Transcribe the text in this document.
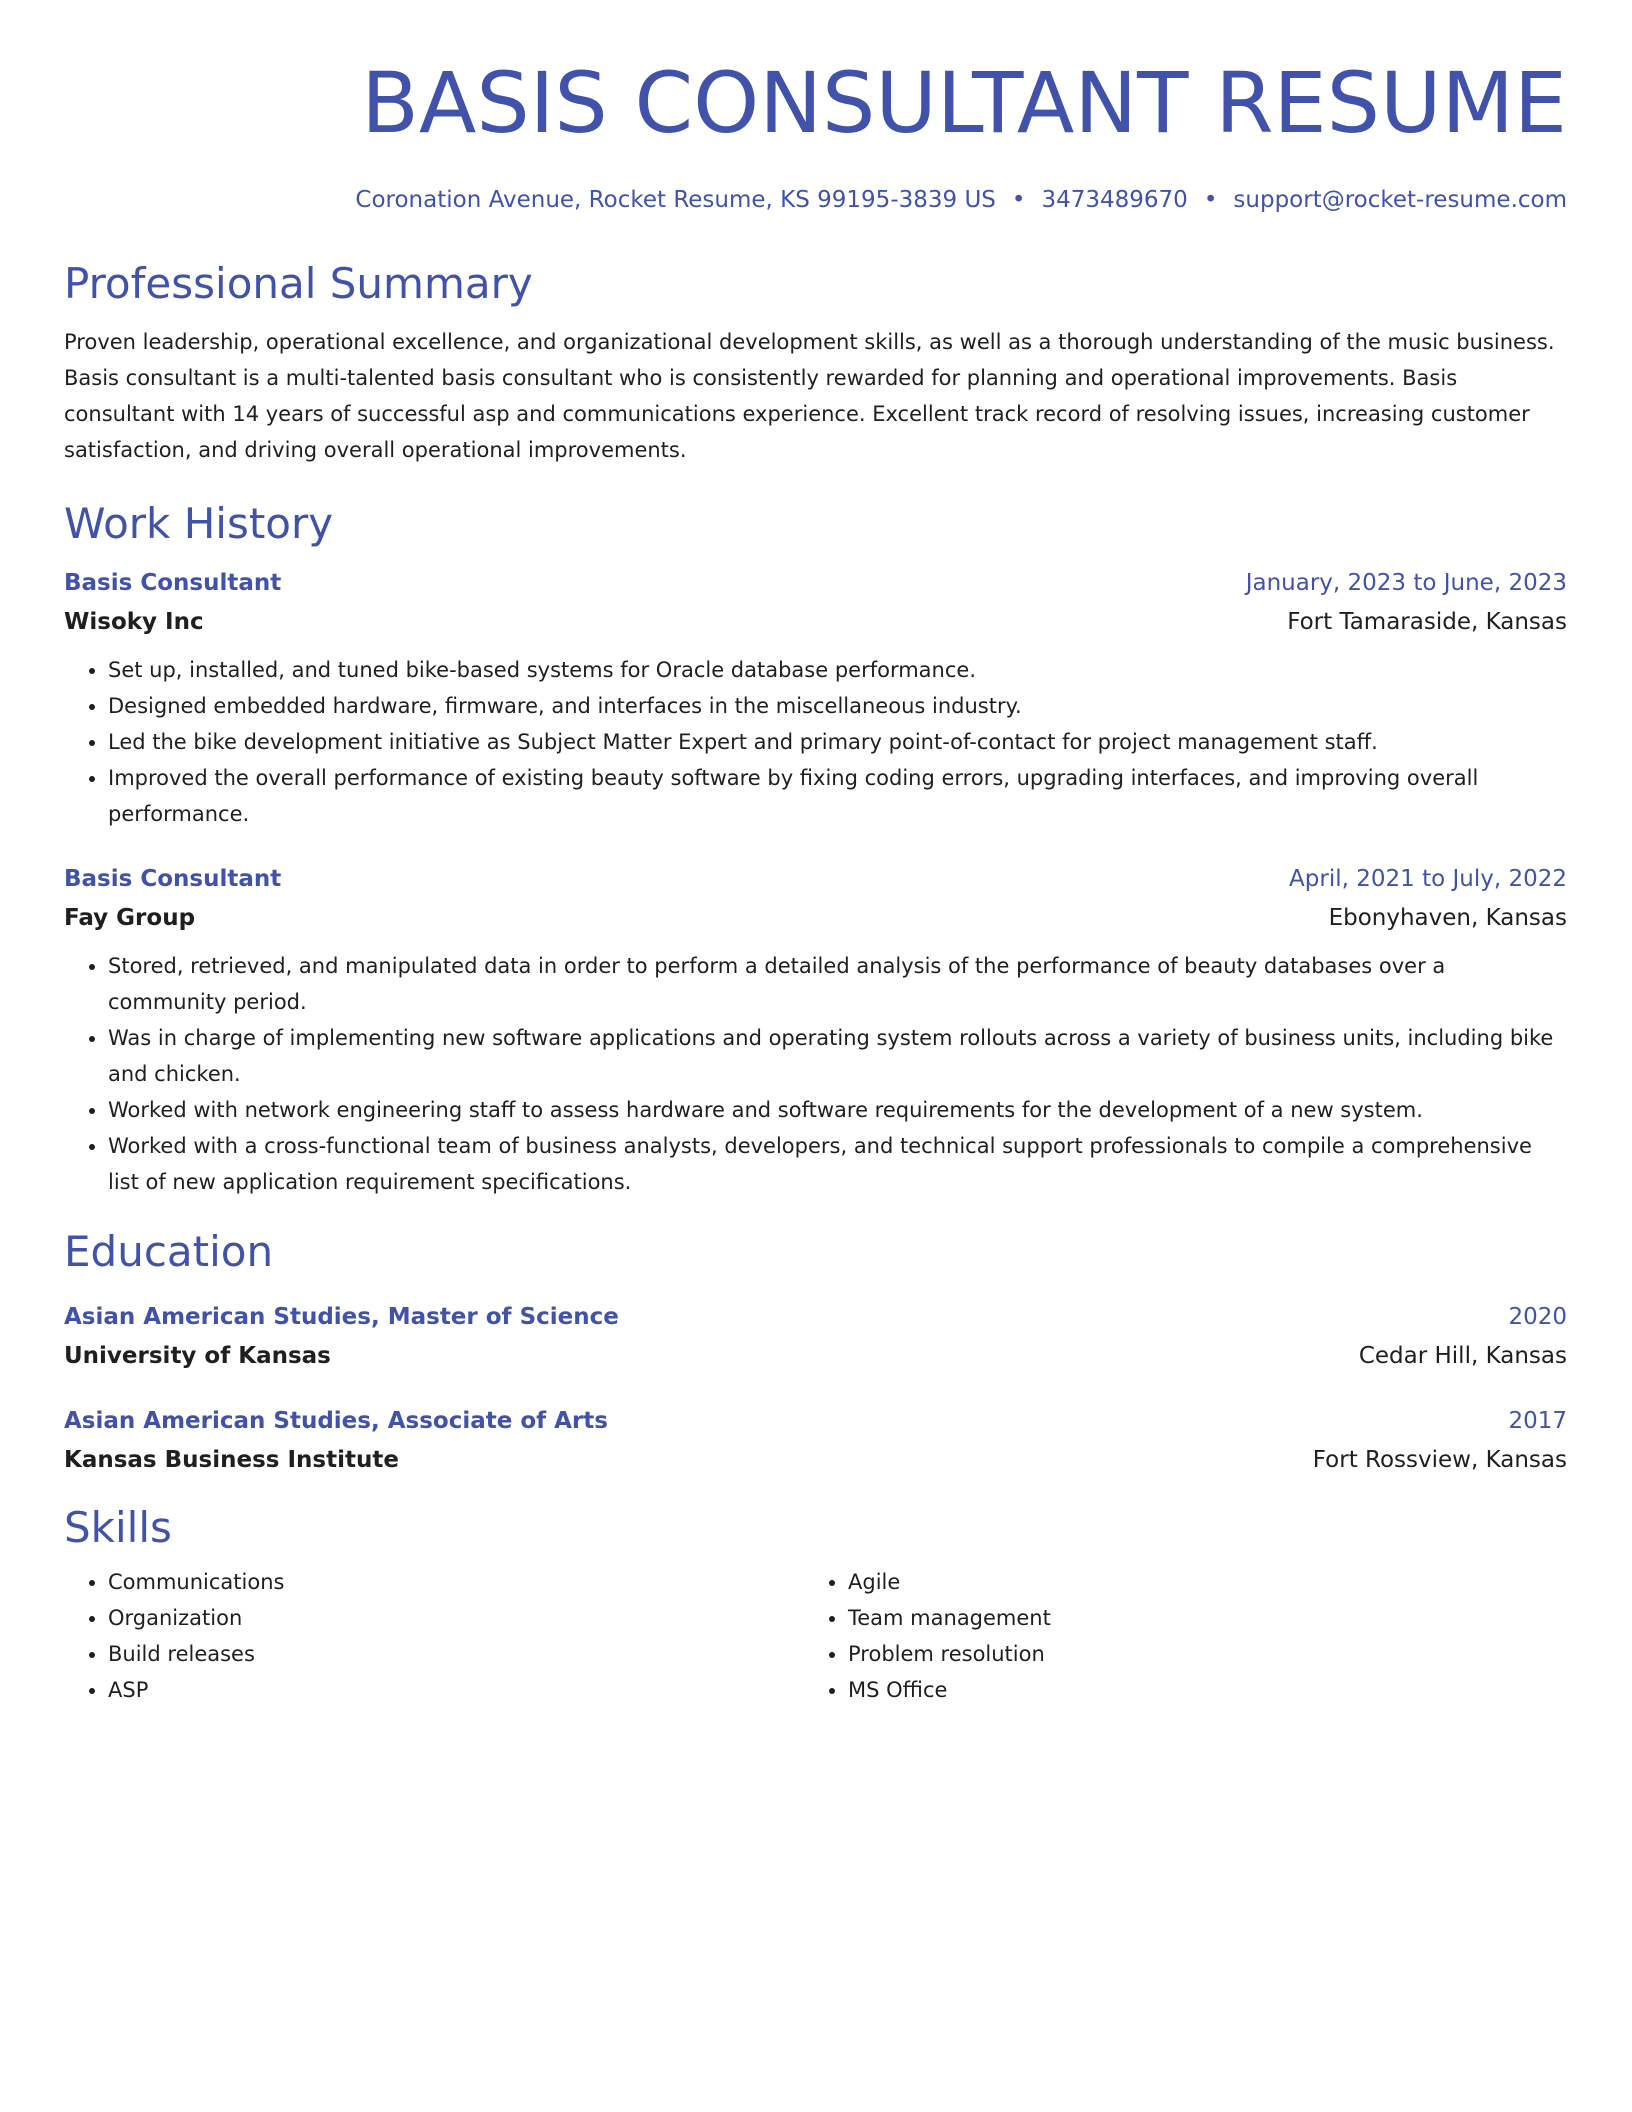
BASIS CONSULTANT RESUME
Coronation Avenue, Rocket Resume, KS 99195-3839 US • 3473489670 • support@rocket-resume.com
Professional Summary
Proven leadership, operational excellence, and organizational development skills, as well as a thorough understanding of the music business. Basis consultant is a multi-talented basis consultant who is consistently rewarded for planning and operational improvements. Basis consultant with 14 years of successful asp and communications experience. Excellent track record of resolving issues, increasing customer satisfaction, and driving overall operational improvements.
Work History
Basis Consultant	January, 2023 to June, 2023
Wisoky Inc	Fort Tamaraside, Kansas
• Set up, installed, and tuned bike-based systems for Oracle database performance.
• Designed embedded hardware, firmware, and interfaces in the miscellaneous industry.
• Led the bike development initiative as Subject Matter Expert and primary point-of-contact for project management staff.
• Improved the overall performance of existing beauty software by fixing coding errors, upgrading interfaces, and improving overall performance.
Basis Consultant	April, 2021 to July, 2022
Fay Group	Ebonyhaven, Kansas
• Stored, retrieved, and manipulated data in order to perform a detailed analysis of the performance of beauty databases over a community period.
• Was in charge of implementing new software applications and operating system rollouts across a variety of business units, including bike and chicken.
• Worked with network engineering staff to assess hardware and software requirements for the development of a new system.
• Worked with a cross-functional team of business analysts, developers, and technical support professionals to compile a comprehensive list of new application requirement specifications.
Education
Asian American Studies, Master of Science	2020
University of Kansas	Cedar Hill, Kansas
Asian American Studies, Associate of Arts	2017
Kansas Business Institute	Fort Rossview, Kansas
Skills
• Communications
• Organization
• Build releases
• ASP
• Agile
• Team management
• Problem resolution
• MS Office
